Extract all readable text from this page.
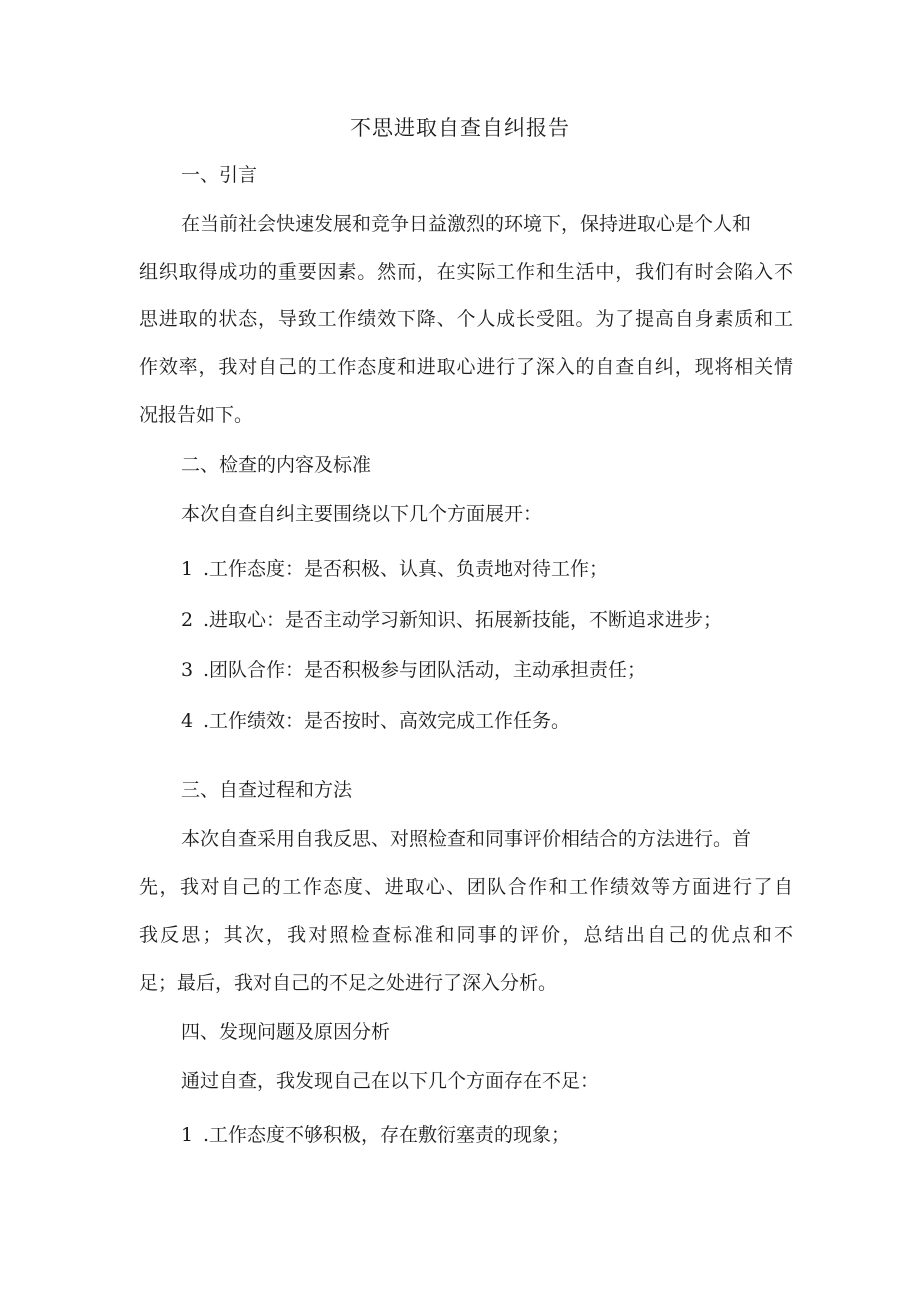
不思进取自查自纠报告
一、引言
在当前社会快速发展和竞争日益激烈的环境下，保持进取心是个人和
组织取得成功的重要因素。然而，在实际工作和生活中，我们有时会陷入不
思进取的状态，导致工作绩效下降、个人成长受阻。为了提高自身素质和工
作效率，我对自己的工作态度和进取心进行了深入的自查自纠，现将相关情
况报告如下。
二、检查的内容及标准
本次自查自纠主要围绕以下几个方面展开：
1 .工作态度：是否积极、认真、负责地对待工作；
2 .进取心：是否主动学习新知识、拓展新技能，不断追求进步；
3 .团队合作：是否积极参与团队活动，主动承担责任；
4 .工作绩效：是否按时、高效完成工作任务。
三、自查过程和方法
本次自查采用自我反思、对照检查和同事评价相结合的方法进行。首
先，我对自己的工作态度、进取心、团队合作和工作绩效等方面进行了自
我反思；其次，我对照检查标准和同事的评价，总结出自己的优点和不
足；最后，我对自己的不足之处进行了深入分析。
四、发现问题及原因分析
通过自查，我发现自己在以下几个方面存在不足：
1 .工作态度不够积极，存在敷衍塞责的现象；
